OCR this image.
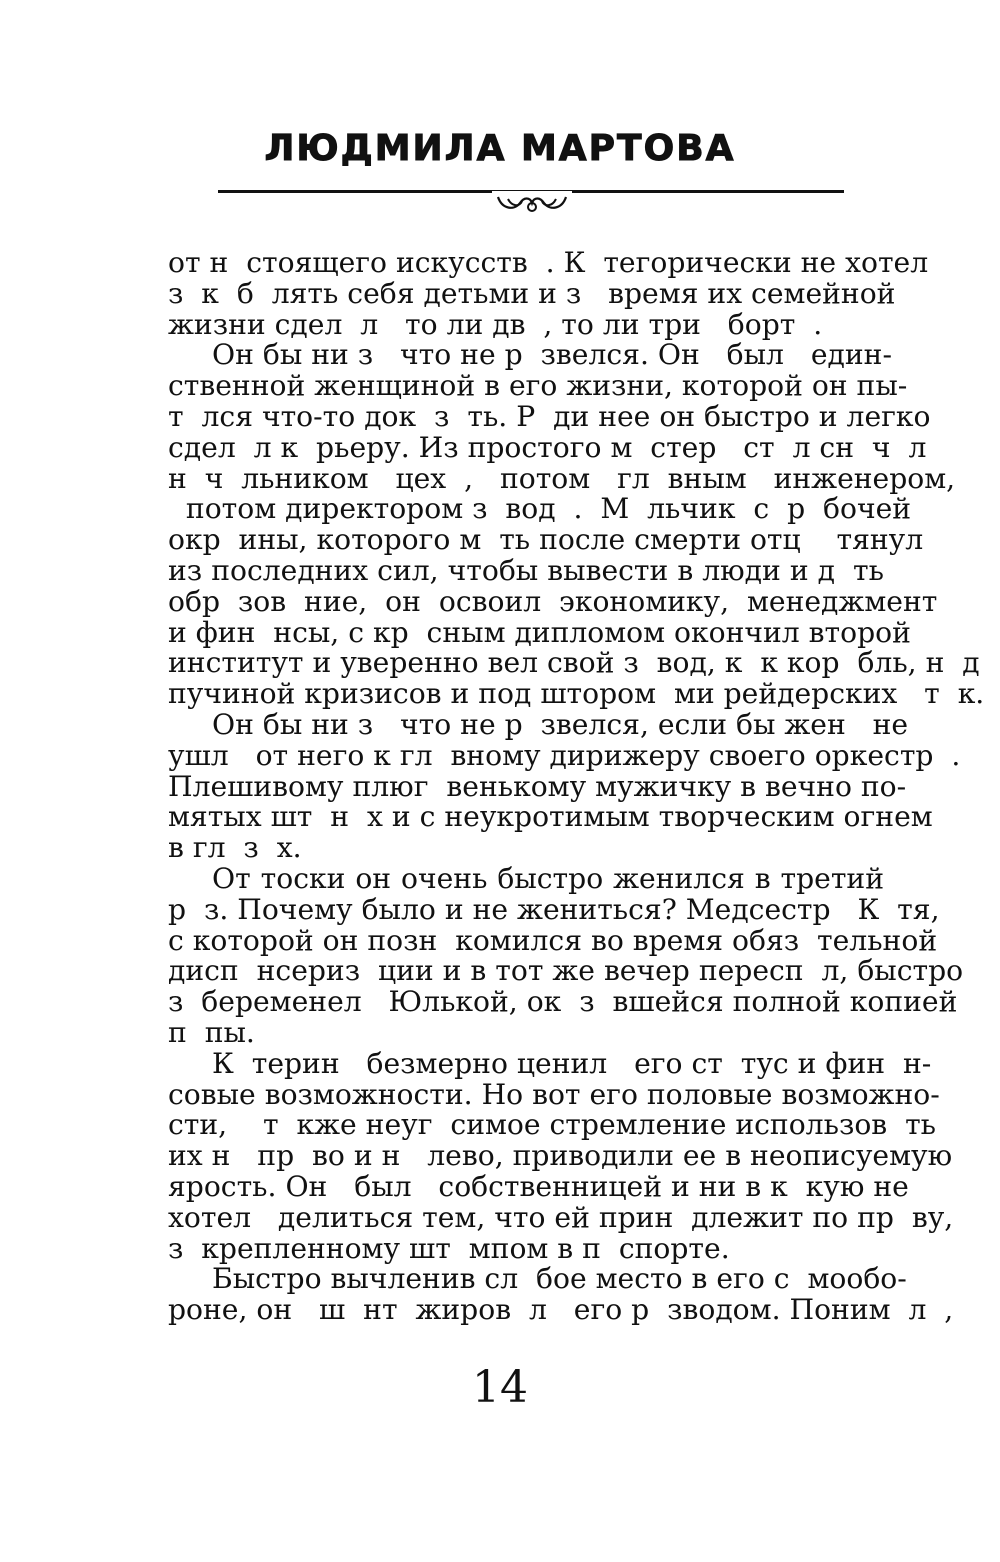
ЛЮДМИЛА МАРТОВА
от н  стоящего искусств  . К  тегорически не хотел
з  к  б  лять себя детьми и з   время их семейной
жизни сдел  л   то ли дв  , то ли три   борт  .
Он бы ни з   что не р  звелся. Он   был   един-
ственной женщиной в его жизни, которой он пы-
т  лся что-то док  з  ть. Р  ди нее он быстро и легко
сдел  л к  рьеру. Из простого м  стер   ст  л сн  ч  л
н  ч  льником   цех  ,   потом   гл  вным   инженером,
потом директором з  вод  .  М  льчик  с  р  бочей
окр  ины, которого м  ть после смерти отц    тянул
из последних сил, чтобы вывести в люди и д  ть
обр  зов  ние,  он  освоил  экономику,  менеджмент
и фин  нсы, с кр  сным дипломом окончил второй
институт и уверенно вел свой з  вод, к  к кор  бль, н  д
пучиной кризисов и под штором  ми рейдерских   т  к.
Он бы ни з   что не р  звелся, если бы жен   не
ушл   от него к гл  вному дирижеру своего оркестр  .
Плешивому плюг  венькому мужичку в вечно по-
мятых шт  н  х и с неукротимым творческим огнем
в гл  з  х.
От тоски он очень быстро женился в третий
р  з. Почему было и не жениться? Медсестр   К  тя,
с которой он позн  комился во время обяз  тельной
дисп  нсериз  ции и в тот же вечер пересп  л, быстро
з  беременел   Юлькой, ок  з  вшейся полной копией
п  пы.
К  терин   безмерно ценил   его ст  тус и фин  н-
совые возможности. Но вот его половые возможно-
сти,    т  кже неуг  симое стремление использов  ть
их н   пр  во и н   лево, приводили ее в неописуемую
ярость. Он   был   собственницей и ни в к  кую не
хотел   делиться тем, что ей прин  длежит по пр  ву,
з  крепленному шт  мпом в п  спорте.
Быстро вычленив сл  бое место в его с  мообо-
роне, он   ш  нт  жиров  л   его р  зводом. Поним  л  ,
14
